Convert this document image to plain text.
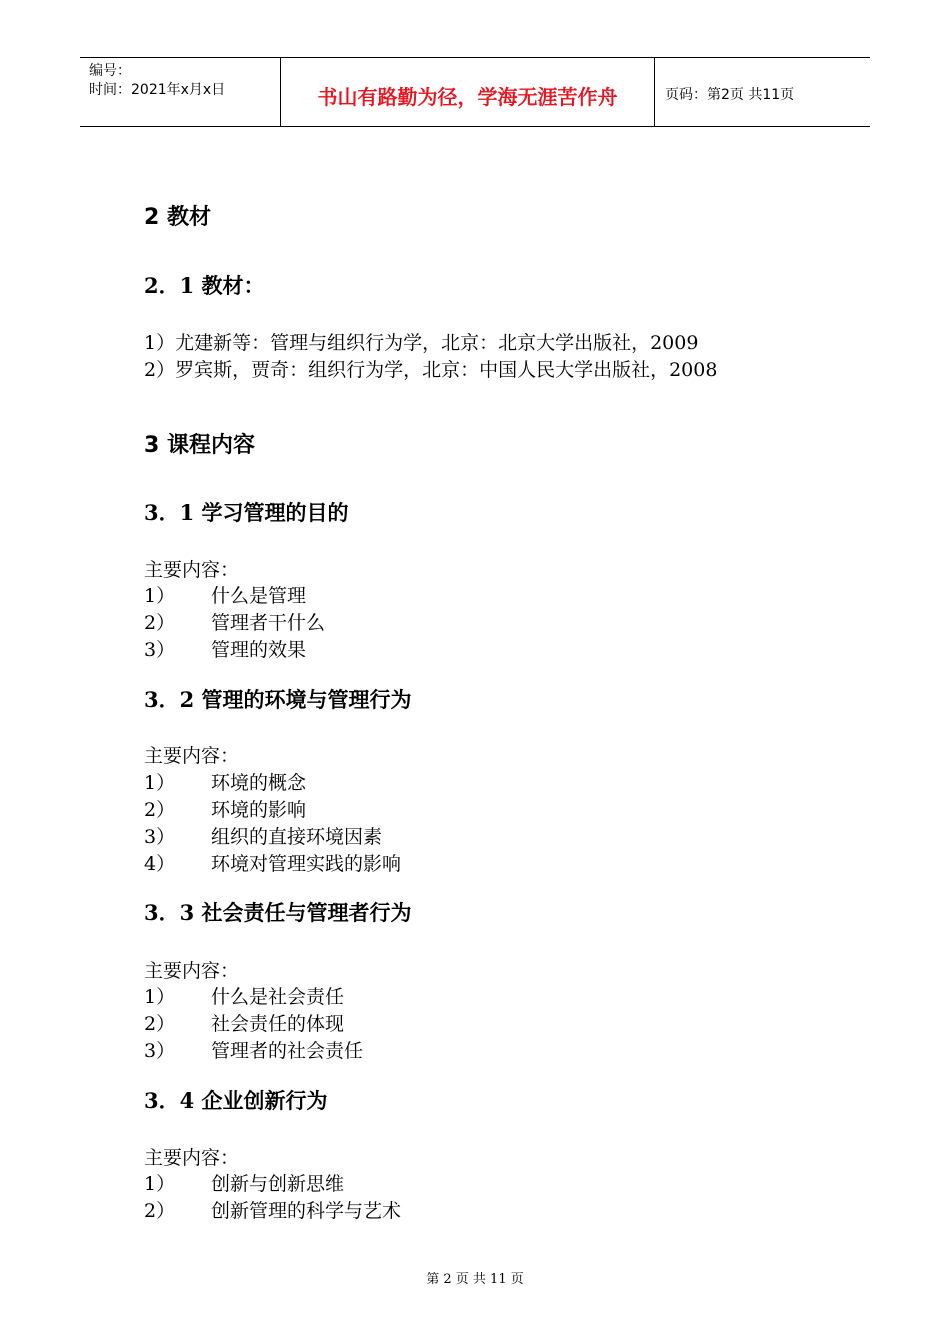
编号：
时间：2021年x月x日	书山有路勤为径，学海无涯苦作舟	页码：第2页 共11页
2 教材
2．1 教材：
1）尤建新等：管理与组织行为学，北京：北京大学出版社，2009
2）罗宾斯，贾奇：组织行为学，北京：中国人民大学出版社，2008
3 课程内容
3．1 学习管理的目的
主要内容：
1） 什么是管理
2） 管理者干什么
3） 管理的效果
3．2 管理的环境与管理行为
主要内容：
1） 环境的概念
2） 环境的影响
3） 组织的直接环境因素
4） 环境对管理实践的影响
3．3 社会责任与管理者行为
主要内容：
1） 什么是社会责任
2） 社会责任的体现
3） 管理者的社会责任
3．4 企业创新行为
主要内容：
1） 创新与创新思维
2） 创新管理的科学与艺术
第 2 页 共 11 页
